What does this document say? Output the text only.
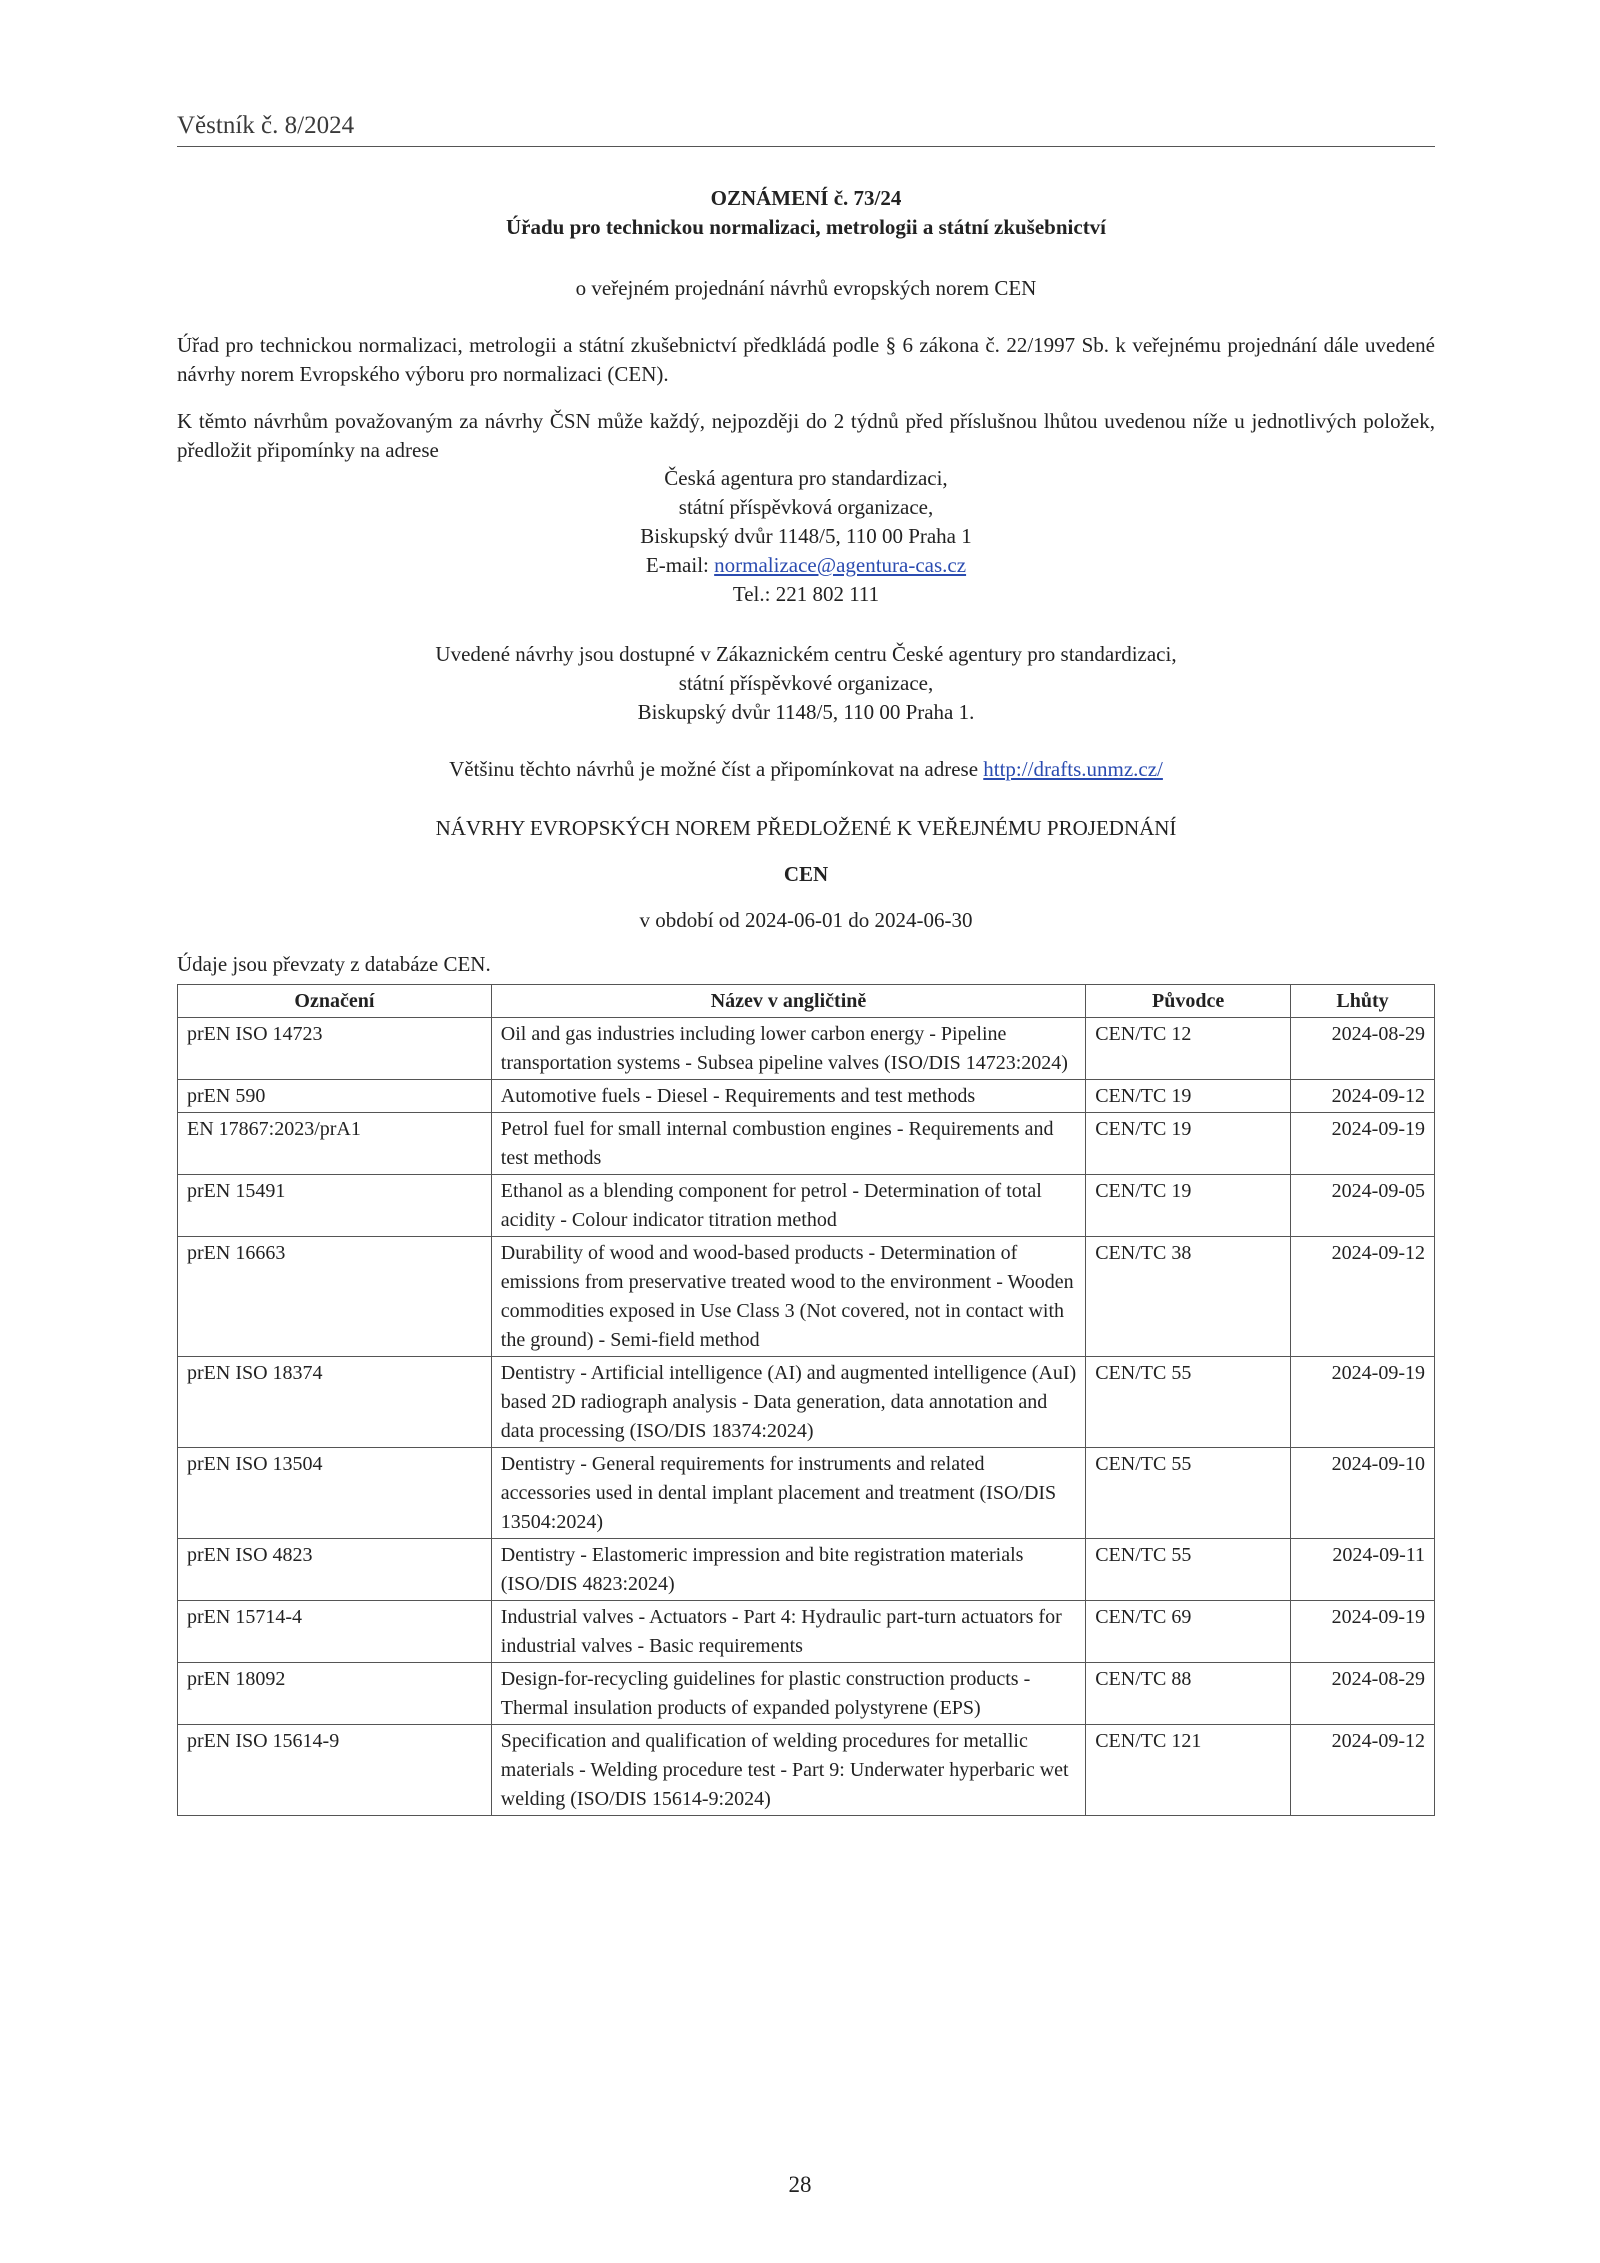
Věstník č. 8/2024
OZNÁMENÍ č. 73/24
Úřadu pro technickou normalizaci, metrologii a státní zkušebnictví
o veřejném projednání návrhů evropských norem CEN
Úřad pro technickou normalizaci, metrologii a státní zkušebnictví předkládá podle § 6 zákona č. 22/1997 Sb. k veřejnému projednání dále uvedené návrhy norem Evropského výboru pro normalizaci (CEN).
K těmto návrhům považovaným za návrhy ČSN může každý, nejpozději do 2 týdnů před příslušnou lhůtou uvedenou níže u jednotlivých položek, předložit připomínky na adrese
Česká agentura pro standardizaci,
státní příspěvková organizace,
Biskupský dvůr 1148/5, 110 00 Praha 1
E-mail: normalizace@agentura-cas.cz
Tel.: 221 802 111
Uvedené návrhy jsou dostupné v Zákaznickém centru České agentury pro standardizaci,
státní příspěvkové organizace,
Biskupský dvůr 1148/5, 110 00 Praha 1.
Většinu těchto návrhů je možné číst a připomínkovat na adrese http://drafts.unmz.cz/
NÁVRHY EVROPSKÝCH NOREM PŘEDLOŽENÉ K VEŘEJNÉMU PROJEDNÁNÍ
CEN
v období od 2024-06-01 do 2024-06-30
Údaje jsou převzaty z databáze CEN.
Označení	Název v angličtině	Původce	Lhůty
prEN ISO 14723	Oil and gas industries including lower carbon energy - Pipeline transportation systems - Subsea pipeline valves (ISO/DIS 14723:2024)	CEN/TC 12	2024-08-29
prEN 590	Automotive fuels - Diesel - Requirements and test methods	CEN/TC 19	2024-09-12
EN 17867:2023/prA1	Petrol fuel for small internal combustion engines - Requirements and test methods	CEN/TC 19	2024-09-19
prEN 15491	Ethanol as a blending component for petrol - Determination of total acidity - Colour indicator titration method	CEN/TC 19	2024-09-05
prEN 16663	Durability of wood and wood-based products - Determination of emissions from preservative treated wood to the environment - Wooden commodities exposed in Use Class 3 (Not covered, not in contact with the ground) - Semi-field method	CEN/TC 38	2024-09-12
prEN ISO 18374	Dentistry - Artificial intelligence (AI) and augmented intelligence (AuI) based 2D radiograph analysis - Data generation, data annotation and data processing (ISO/DIS 18374:2024)	CEN/TC 55	2024-09-19
prEN ISO 13504	Dentistry - General requirements for instruments and related accessories used in dental implant placement and treatment (ISO/DIS 13504:2024)	CEN/TC 55	2024-09-10
prEN ISO 4823	Dentistry - Elastomeric impression and bite registration materials (ISO/DIS 4823:2024)	CEN/TC 55	2024-09-11
prEN 15714-4	Industrial valves - Actuators - Part 4: Hydraulic part-turn actuators for industrial valves - Basic requirements	CEN/TC 69	2024-09-19
prEN 18092	Design-for-recycling guidelines for plastic construction products - Thermal insulation products of expanded polystyrene (EPS)	CEN/TC 88	2024-08-29
prEN ISO 15614-9	Specification and qualification of welding procedures for metallic materials - Welding procedure test - Part 9: Underwater hyperbaric wet welding (ISO/DIS 15614-9:2024)	CEN/TC 121	2024-09-12
28
